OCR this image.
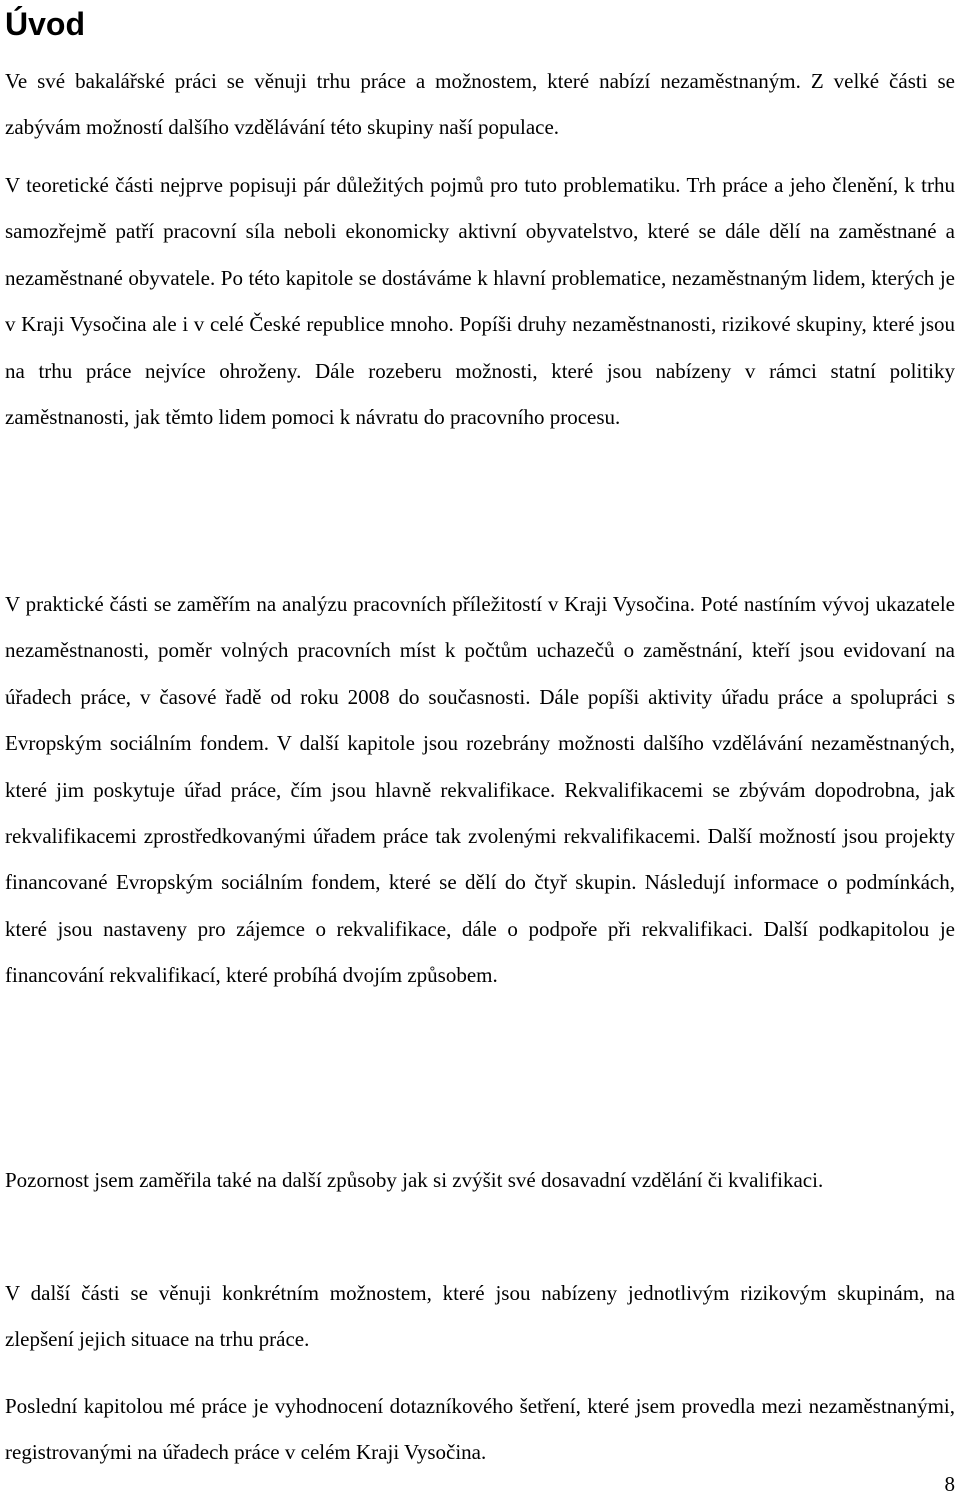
Úvod

Ve své bakalářské práci se věnuji trhu práce a možnostem, které nabízí nezaměstnaným. Z velké části se zabývám možností dalšího vzdělávání této skupiny naší populace.

V teoretické části nejprve popisuji pár důležitých pojmů pro tuto problematiku. Trh práce a jeho členění, k trhu samozřejmě patří pracovní síla neboli ekonomicky aktivní obyvatelstvo, které se dále dělí na zaměstnané a nezaměstnané obyvatele. Po této kapitole se dostáváme k hlavní problematice, nezaměstnaným lidem, kterých je v Kraji Vysočina ale i v celé České republice mnoho. Popíši druhy nezaměstnanosti, rizikové skupiny, které jsou na trhu práce nejvíce ohroženy. Dále rozeberu možnosti, které jsou nabízeny v rámci statní politiky zaměstnanosti, jak těmto lidem pomoci k návratu do pracovního procesu.

V praktické části se zaměřím na analýzu pracovních příležitostí v Kraji Vysočina. Poté nastíním vývoj ukazatele nezaměstnanosti, poměr volných pracovních míst k počtům uchazečů o zaměstnání, kteří jsou evidovaní na úřadech práce, v časové řadě od roku 2008 do současnosti. Dále popíši aktivity úřadu práce a spolupráci s Evropským sociálním fondem. V další kapitole jsou rozebrány možnosti dalšího vzdělávání nezaměstnaných, které jim poskytuje úřad práce, čím jsou hlavně rekvalifikace. Rekvalifikacemi se zbývám dopodrobna, jak rekvalifikacemi zprostředkovanými úřadem práce tak zvolenými rekvalifikacemi. Další možností jsou projekty financované Evropským sociálním fondem, které se dělí do čtyř skupin. Následují informace o podmínkách, které jsou nastaveny pro zájemce o rekvalifikace, dále o podpoře při rekvalifikaci. Další podkapitolou je financování rekvalifikací, které probíhá dvojím způsobem.

Pozornost jsem zaměřila také na další způsoby jak si zvýšit své dosavadní vzdělání či kvalifikaci.

V další části se věnuji konkrétním možnostem, které jsou nabízeny jednotlivým rizikovým skupinám, na zlepšení jejich situace na trhu práce.

Poslední kapitolou mé práce je vyhodnocení dotazníkového šetření, které jsem provedla mezi nezaměstnanými, registrovanými na úřadech práce v celém Kraji Vysočina.

8
